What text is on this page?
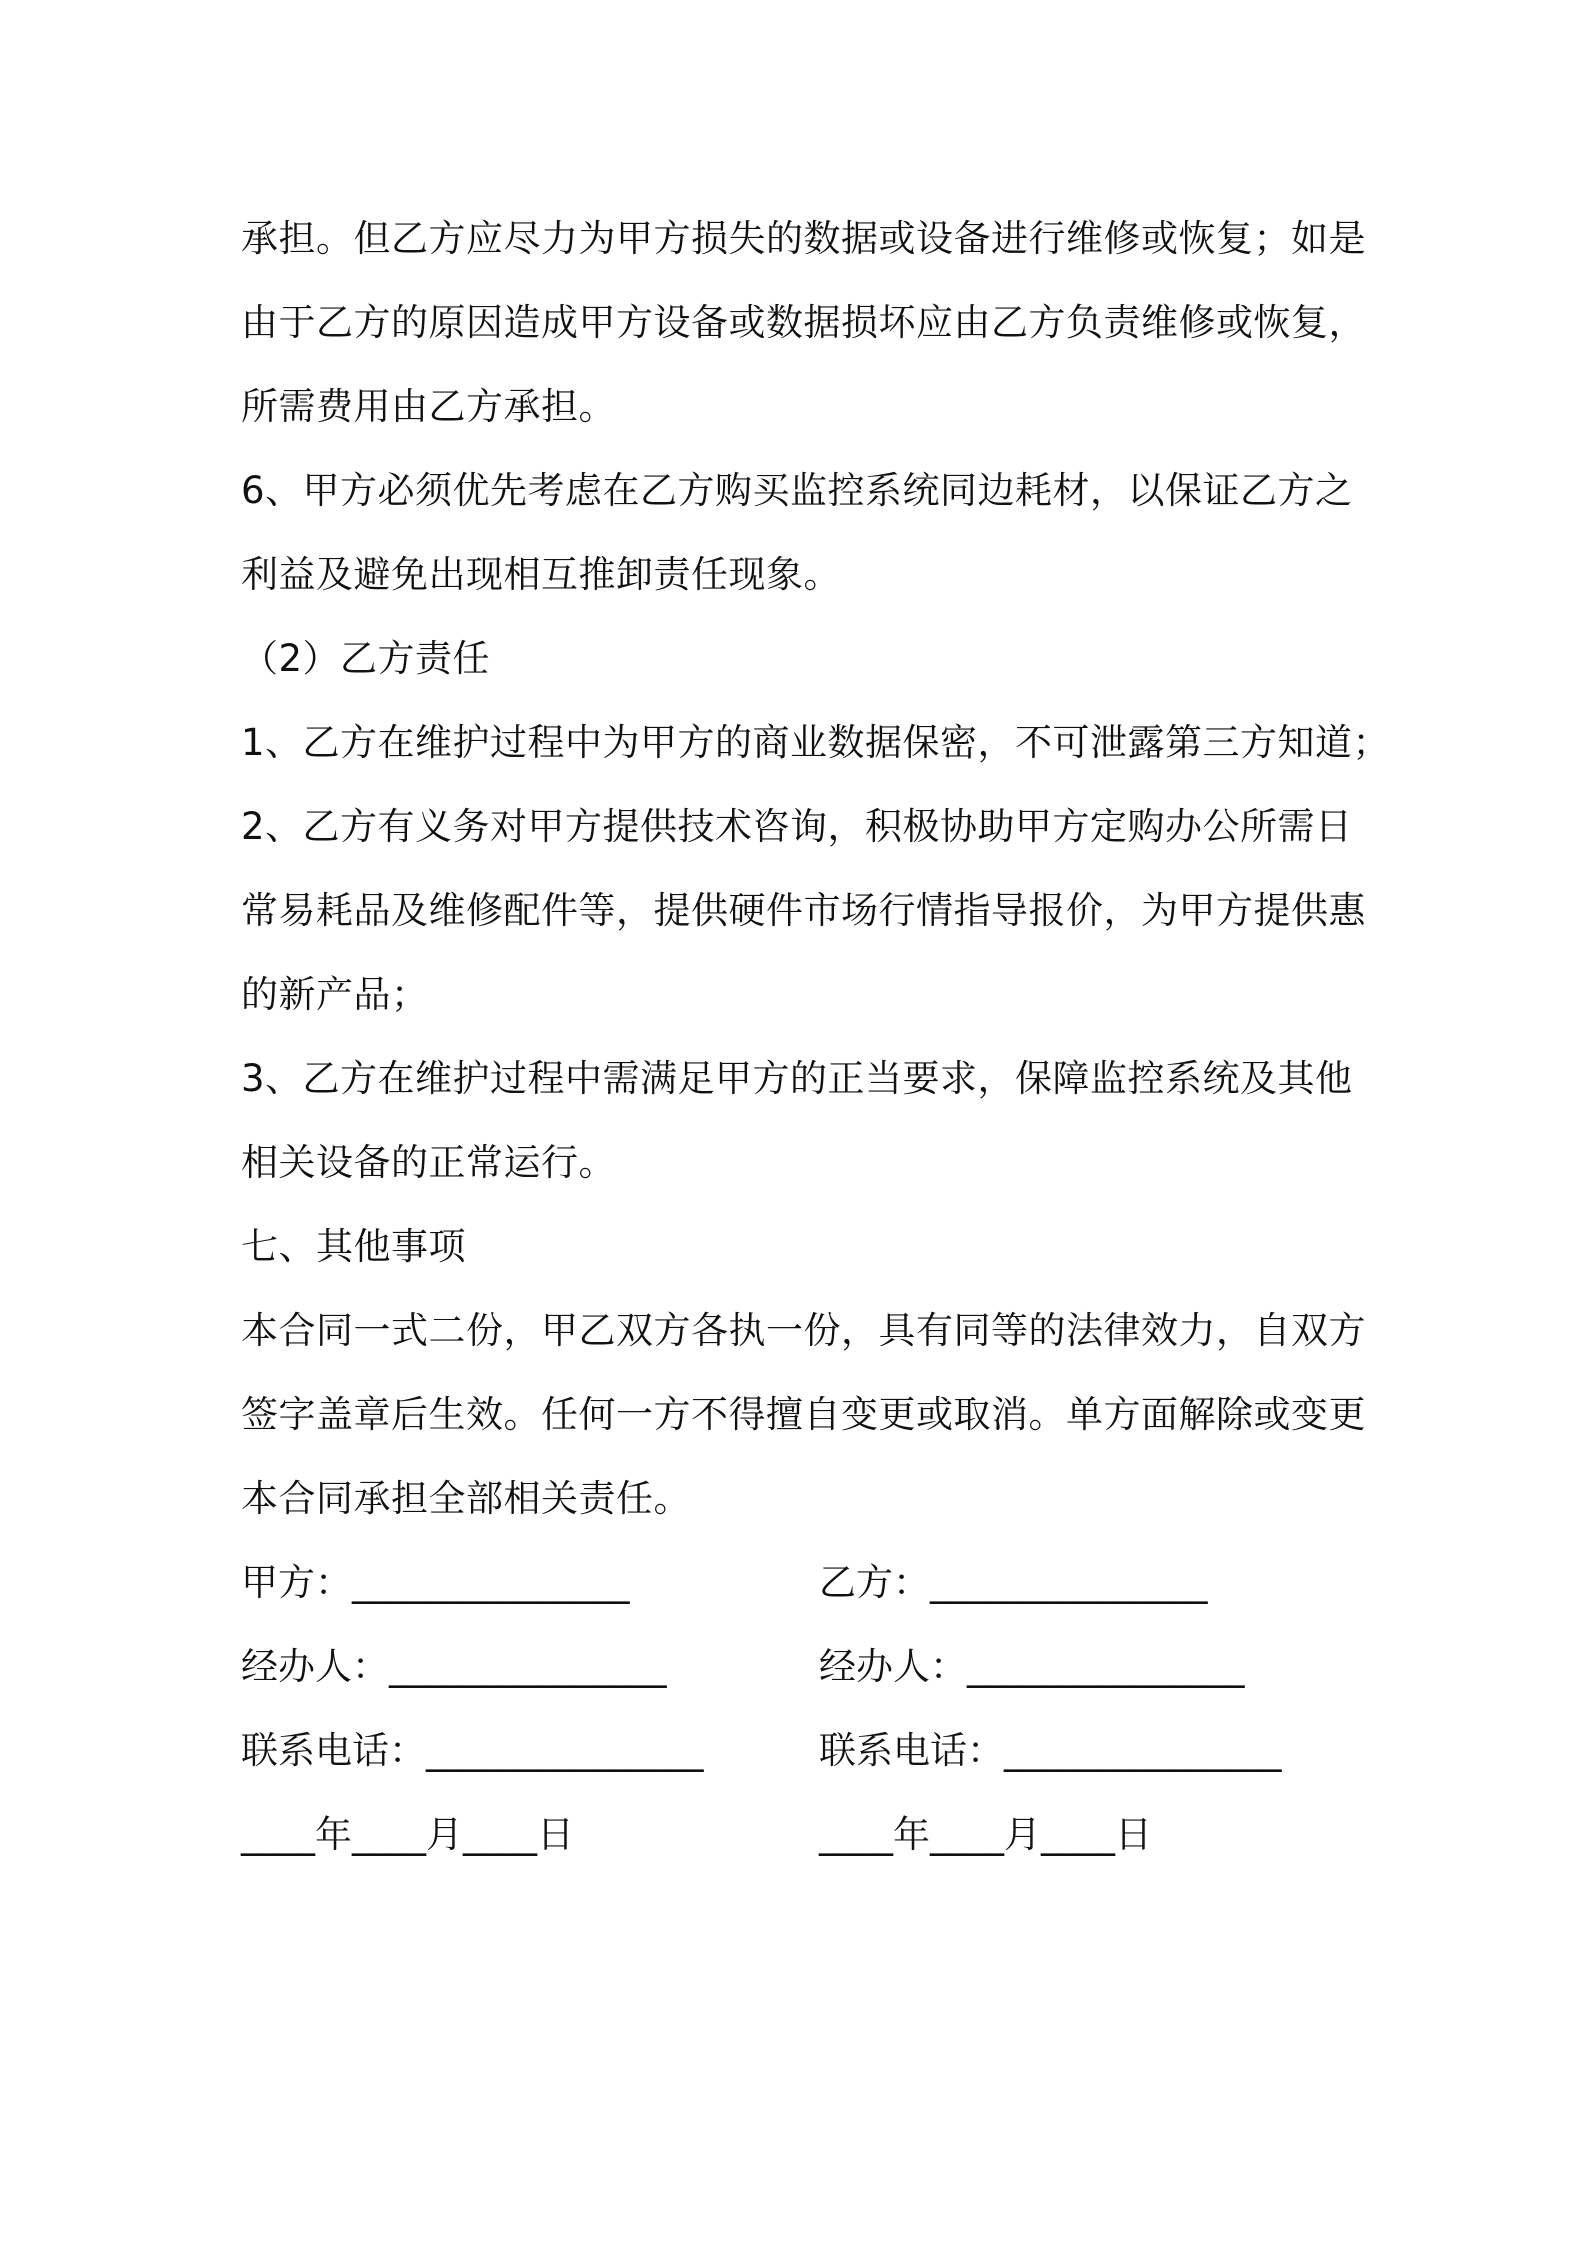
承担。但乙方应尽力为甲方损失的数据或设备进行维修或恢复；如是
由于乙方的原因造成甲方设备或数据损坏应由乙方负责维修或恢复，
所需费用由乙方承担。
6、甲方必须优先考虑在乙方购买监控系统同边耗材，以保证乙方之
利益及避免出现相互推卸责任现象。
（2）乙方责任
1、乙方在维护过程中为甲方的商业数据保密，不可泄露第三方知道；
2、乙方有义务对甲方提供技术咨询，积极协助甲方定购办公所需日
常易耗品及维修配件等，提供硬件市场行情指导报价，为甲方提供惠
的新产品；
3、乙方在维护过程中需满足甲方的正当要求，保障监控系统及其他
相关设备的正常运行。
七、其他事项
本合同一式二份，甲乙双方各执一份，具有同等的法律效力，自双方
签字盖章后生效。任何一方不得擅自变更或取消。单方面解除或变更
本合同承担全部相关责任。
甲方：_______________	乙方：_______________
经办人：_______________	经办人：_______________
联系电话：_______________	联系电话：_______________
____年____月____日	____年____月____日
